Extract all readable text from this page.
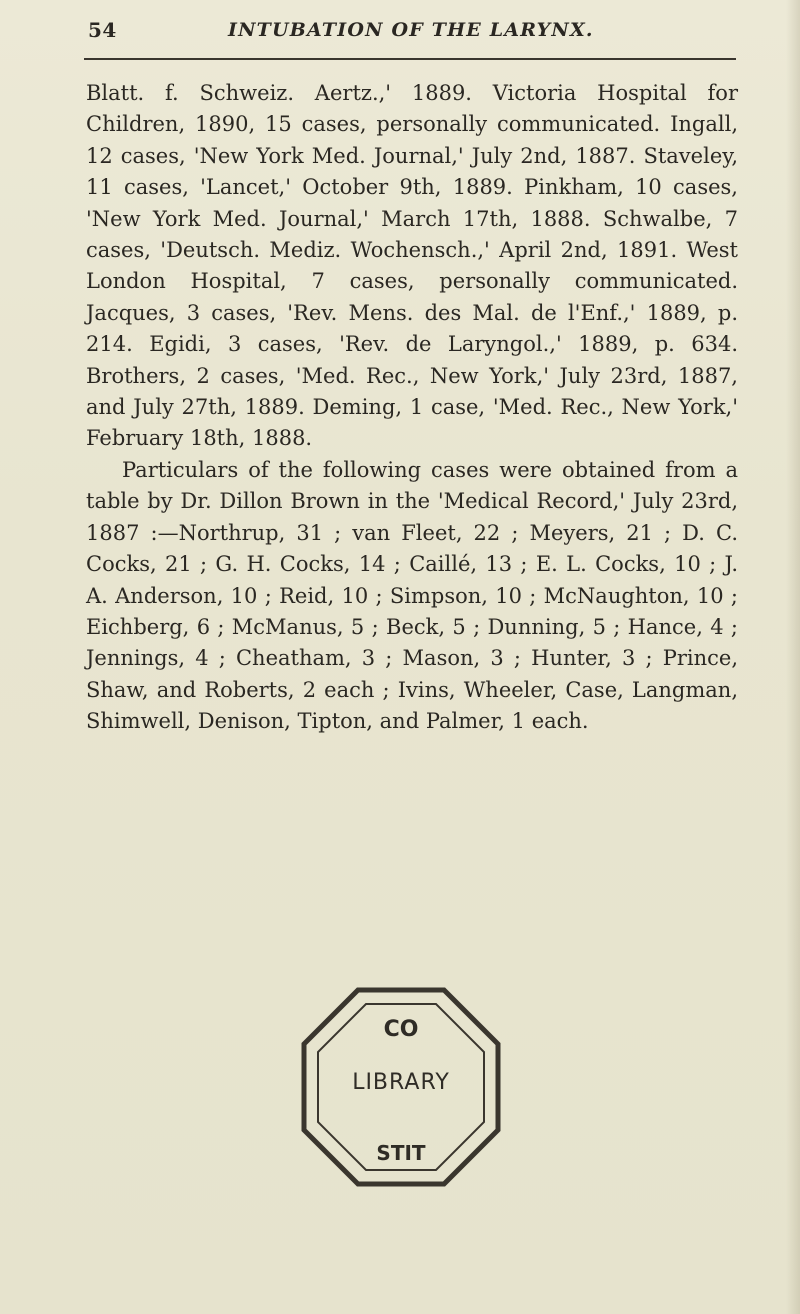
54	INTUBATION OF THE LARYNX.

Blatt. f. Schweiz. Aertz.,' 1889. Victoria Hospital for Children, 1890, 15 cases, personally communicated. Ingall, 12 cases, 'New York Med. Journal,' July 2nd, 1887. Staveley, 11 cases, 'Lancet,' October 9th, 1889. Pinkham, 10 cases, 'New York Med. Journal,' March 17th, 1888. Schwalbe, 7 cases, 'Deutsch. Mediz. Wochensch.,' April 2nd, 1891. West London Hospital, 7 cases, personally communicated. Jacques, 3 cases, 'Rev. Mens. des Mal. de l'Enf.,' 1889, p. 214. Egidi, 3 cases, 'Rev. de Laryngol.,' 1889, p. 634. Brothers, 2 cases, 'Med. Rec., New York,' July 23rd, 1887, and July 27th, 1889. Deming, 1 case, 'Med. Rec., New York,' February 18th, 1888.

Particulars of the following cases were obtained from a table by Dr. Dillon Brown in the 'Medical Record,' July 23rd, 1887 :—Northrup, 31 ; van Fleet, 22 ; Meyers, 21 ; D. C. Cocks, 21 ; G. H. Cocks, 14 ; Caillé, 13 ; E. L. Cocks, 10 ; J. A. Anderson, 10 ; Reid, 10 ; Simpson, 10 ; McNaughton, 10 ; Eichberg, 6 ; McManus, 5 ; Beck, 5 ; Dunning, 5 ; Hance, 4 ; Jennings, 4 ; Cheatham, 3 ; Mason, 3 ; Hunter, 3 ; Prince, Shaw, and Roberts, 2 each ; Ivins, Wheeler, Case, Langman, Shimwell, Denison, Tipton, and Palmer, 1 each.

CO
STIT
LIBRARY
